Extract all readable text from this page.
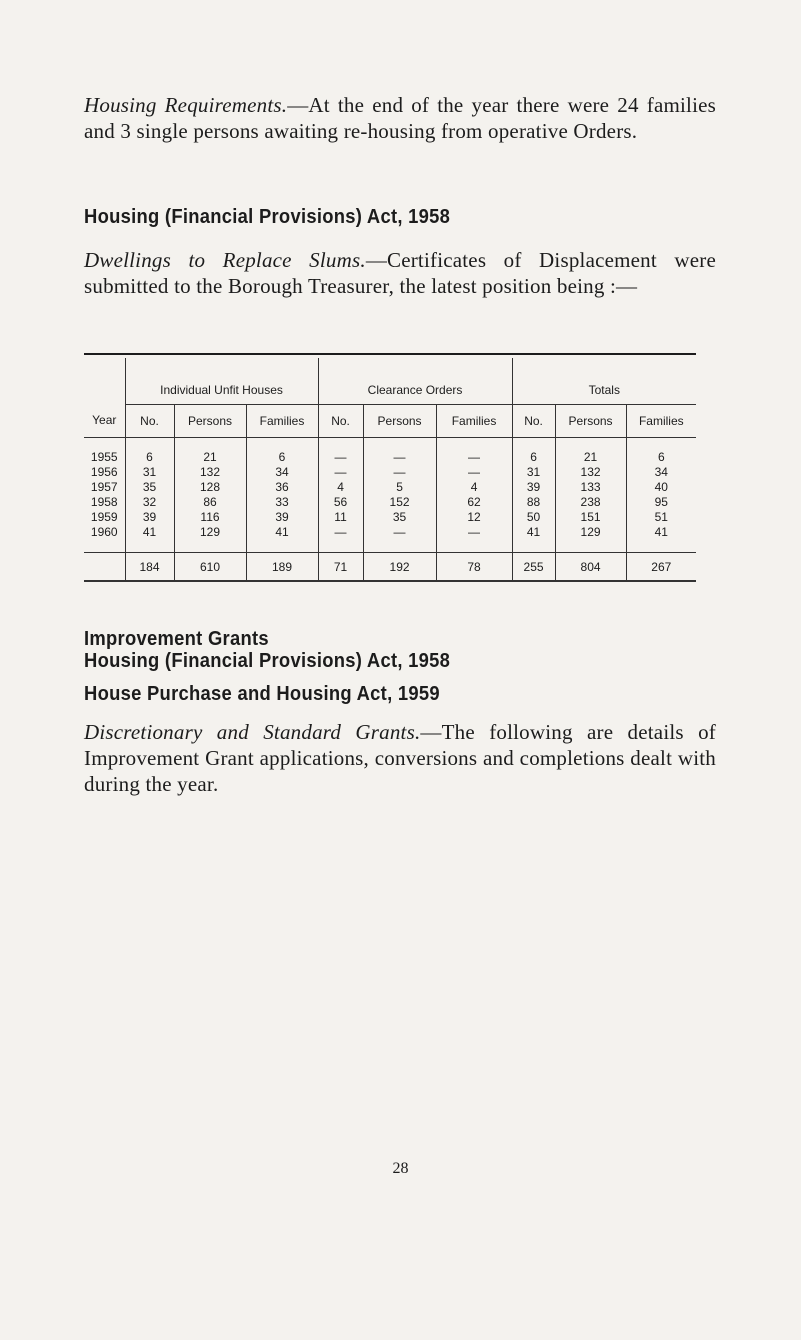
Housing Requirements.—At the end of the year there were 24 families and 3 single persons awaiting re-housing from operative Orders.

Housing (Financial Provisions) Act, 1958

Dwellings to Replace Slums.—Certificates of Displacement were submitted to the Borough Treasurer, the latest position being :—

Year	Individual Unfit Houses			Clearance Orders			Totals		
	No.	Persons	Families	No.	Persons	Families	No.	Persons	Families
1955	6	21	6	—	—	—	6	21	6
1956	31	132	34	—	—	—	31	132	34
1957	35	128	36	4	5	4	39	133	40
1958	32	86	33	56	152	62	88	238	95
1959	39	116	39	11	35	12	50	151	51
1960	41	129	41	—	—	—	41	129	41

	184	610	189	71	192	78	255	804	267
Improvement Grants
Housing (Financial Provisions) Act, 1958
House Purchase and Housing Act, 1959

Discretionary and Standard Grants.—The following are details of Improvement Grant applications, conversions and completions dealt with during the year.

28
